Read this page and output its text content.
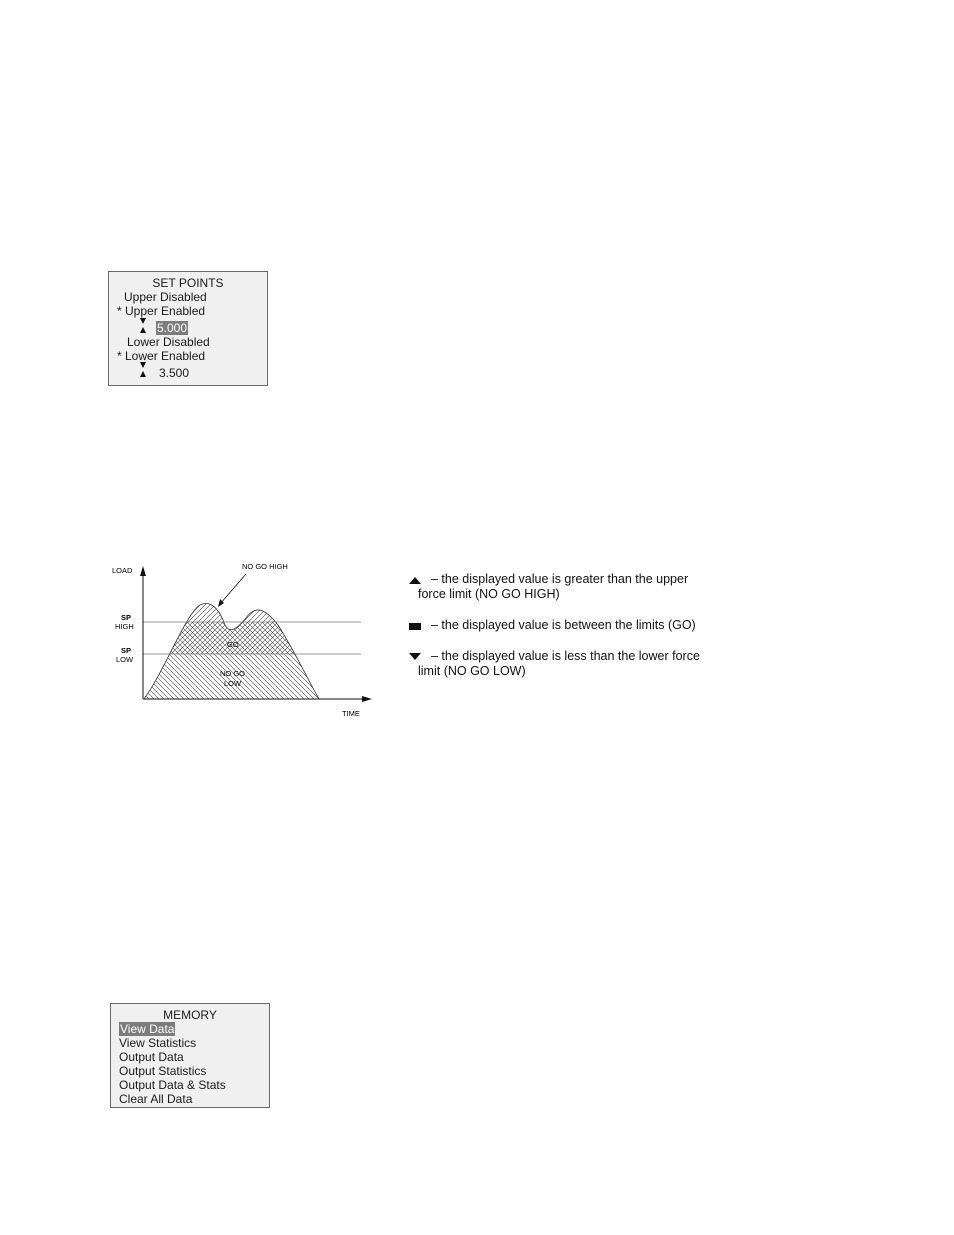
SET POINTS
Upper Disabled
* Upper Enabled
5.000
Lower Disabled
* Lower Enabled
3.500
LOAD
TIME
SP
HIGH
SP
LOW
NO GO HIGH
GO
NO GO
LOW
– the displayed value is greater than the upper
force limit (NO GO HIGH)
– the displayed value is between the limits (GO)
– the displayed value is less than the lower force
limit (NO GO LOW)
MEMORY
View Data
View Statistics
Output Data
Output Statistics
Output Data & Stats
Clear All Data
